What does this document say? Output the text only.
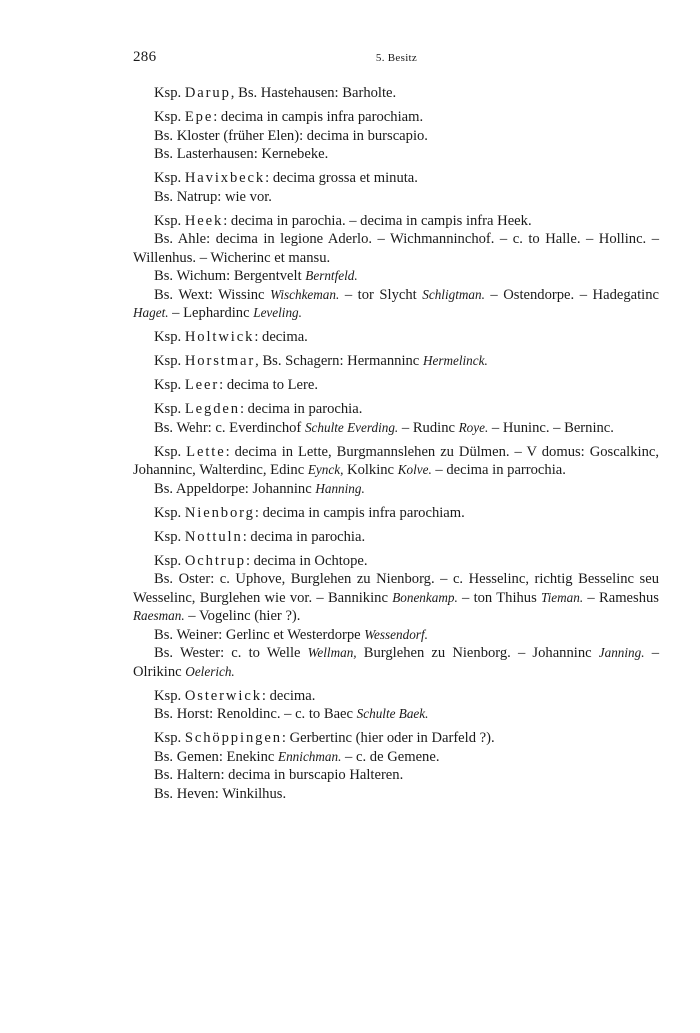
286	5. Besitz

Ksp. Darup, Bs. Hastehausen: Barholte.

Ksp. Epe: decima in campis infra parochiam.

Bs. Kloster (früher Elen): decima in burscapio.

Bs. Lasterhausen: Kernebeke.

Ksp. Havixbeck: decima grossa et minuta.

Bs. Natrup: wie vor.

Ksp. Heek: decima in parochia. – decima in campis infra Heek.

Bs. Ahle: decima in legione Aderlo. – Wichmanninchof. – c. to Halle. – Hollinc. – Willenhus. – Wicherinc et mansu.

Bs. Wichum: Bergentvelt Berntfeld.

Bs. Wext: Wissinc Wischkeman. – tor Slycht Schligtman. – Ostendorpe. – Hadegatinc Haget. – Lephardinc Leveling.

Ksp. Holtwick: decima.

Ksp. Horstmar, Bs. Schagern: Hermanninc Hermelinck.

Ksp. Leer: decima to Lere.

Ksp. Legden: decima in parochia.

Bs. Wehr: c. Everdinchof Schulte Everding. – Rudinc Roye. – Huninc. – Berninc.

Ksp. Lette: decima in Lette, Burgmannslehen zu Dülmen. – V domus: Goscalkinc, Johanninc, Walterdinc, Edinc Eynck, Kolkinc Kolve. – decima in parrochia.

Bs. Appeldorpe: Johanninc Hanning.

Ksp. Nienborg: decima in campis infra parochiam.

Ksp. Nottuln: decima in parochia.

Ksp. Ochtrup: decima in Ochtope.

Bs. Oster: c. Uphove, Burglehen zu Nienborg. – c. Hesselinc, richtig Besselinc seu Wesselinc, Burglehen wie vor. – Bannikinc Bonenkamp. – ton Thihus Tieman. – Rameshus Raesman. – Vogelinc (hier ?).

Bs. Weiner: Gerlinc et Westerdorpe Wessendorf.

Bs. Wester: c. to Welle Wellman, Burglehen zu Nienborg. – Johanninc Janning. – Olrikinc Oelerich.

Ksp. Osterwick: decima.

Bs. Horst: Renoldinc. – c. to Baec Schulte Baek.

Ksp. Schöppingen: Gerbertinc (hier oder in Darfeld ?).

Bs. Gemen: Enekinc Ennichman. – c. de Gemene.

Bs. Haltern: decima in burscapio Halteren.

Bs. Heven: Winkilhus.
